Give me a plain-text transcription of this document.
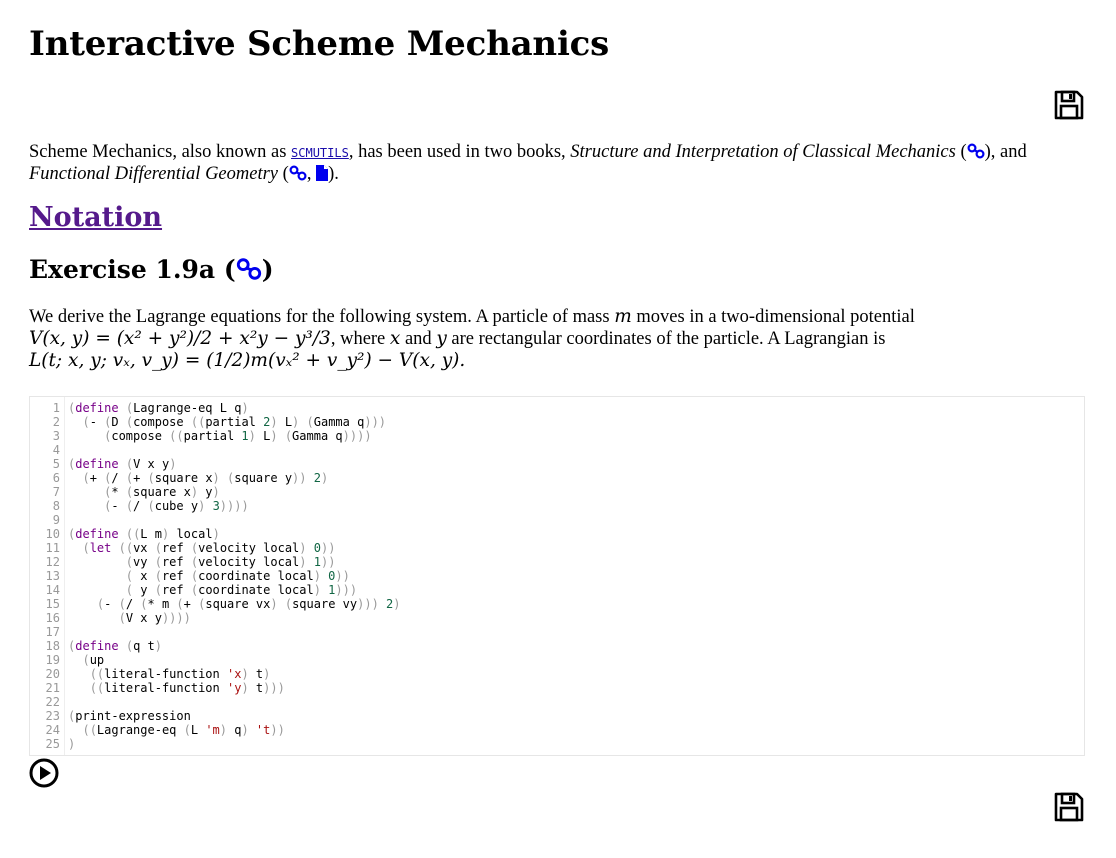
Interactive Scheme Mechanics
Scheme Mechanics, also known as SCMUTILS, has been used in two books, Structure and Interpretation of Classical Mechanics ( ), and
Functional Differential Geometry ( , ).
Notation
Exercise 1.9a ( )
We derive the Lagrange equations for the following system. A particle of mass m moves in a two-dimensional potential
V(x, y) = (x² + y²)/2 + x²y − y³/3, where x and y are rectangular coordinates of the particle. A Lagrangian is
L(t; x, y; vₓ, v_y) = (1/2)m(vₓ² + v_y²) − V(x, y).
1
2
3
4
5
6
7
8
9
10
11
12
13
14
15
16
17
18
19
20
21
22
23
24
25
(define (Lagrange-eq L q)
(- (D (compose ((partial 2) L) (Gamma q)))
(compose ((partial 1) L) (Gamma q))))
(define (V x y)
(+ (/ (+ (square x) (square y)) 2)
(* (square x) y)
(- (/ (cube y) 3))))
(define ((L m) local)
(let ((vx (ref (velocity local) 0))
(vy (ref (velocity local) 1))
( x (ref (coordinate local) 0))
( y (ref (coordinate local) 1)))
(- (/ (* m (+ (square vx) (square vy))) 2)
(V x y))))
(define (q t)
(up
((literal-function 'x) t)
((literal-function 'y) t)))
(print-expression
((Lagrange-eq (L 'm) q) 't))
)
